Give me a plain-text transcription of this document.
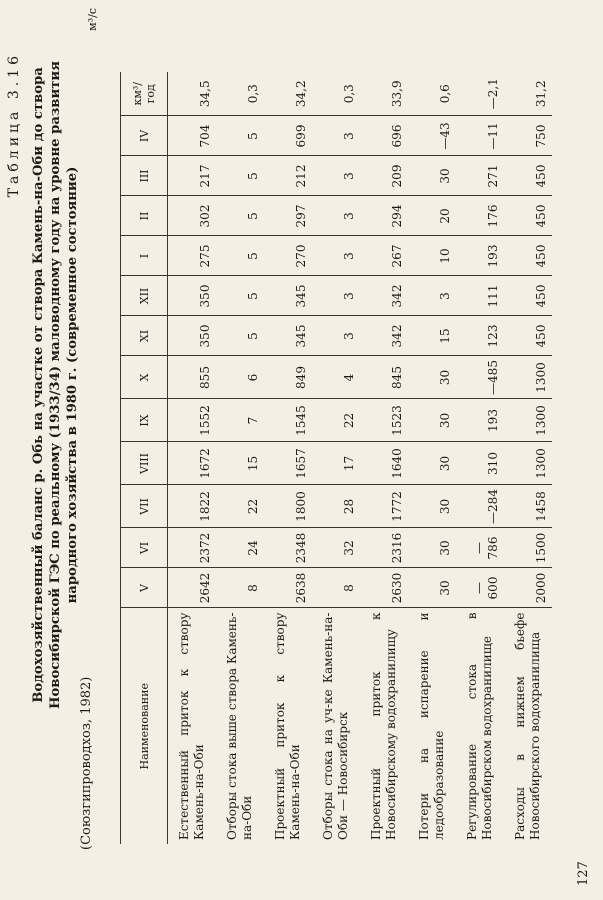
Таблица 3.16 Водохозяйственный баланс р. Обь на участке от створа Камень-на-Оби до створа Новосибирской ГЭС по реальному (1933/34) маловодному году на уровне развития народного хозяйства в 1980 г. (современное состояние)
(Союзгипроводхоз, 1982)
м³/с
Наименование	V	VI	VII	VIII	IX	X	XI	XII	I	II	III	IV	км³/год
Естественный приток к створу Камень-на-Оби	2642	2372	1822	1672	1552	855	350	350	275	302	217	704	34,5
Отборы стока выше створа Камень-на-Оби	8	24	22	15	7	6	5	5	5	5	5	5	0,3
Проектный приток к створу Камень-на-Оби	2638	2348	1800	1657	1545	849	345	345	270	297	212	699	34,2
Отборы стока на уч-ке Камень-на-Оби — Новосибирск	8	32	28	17	22	4	3	3	3	3	3	3	0,3
Проектный приток к Новосибирскому водохранилищу	2630	2316	1772	1640	1523	845	342	342	267	294	209	696	33,9
Потери на испарение и ледообразование	30	30	30	30	30	30	15	3	10	20	30	—43	0,6
Регулирование стока в Новосибирском водохранилище	—600	—786	—284	310	193	—485	123	111	193	176	271	—11	—2,1
Расходы в нижнем бьефе Новосибирского водохранилища	2000	1500	1458	1300	1300	1300	450	450	450	450	450	750	31,2
127
